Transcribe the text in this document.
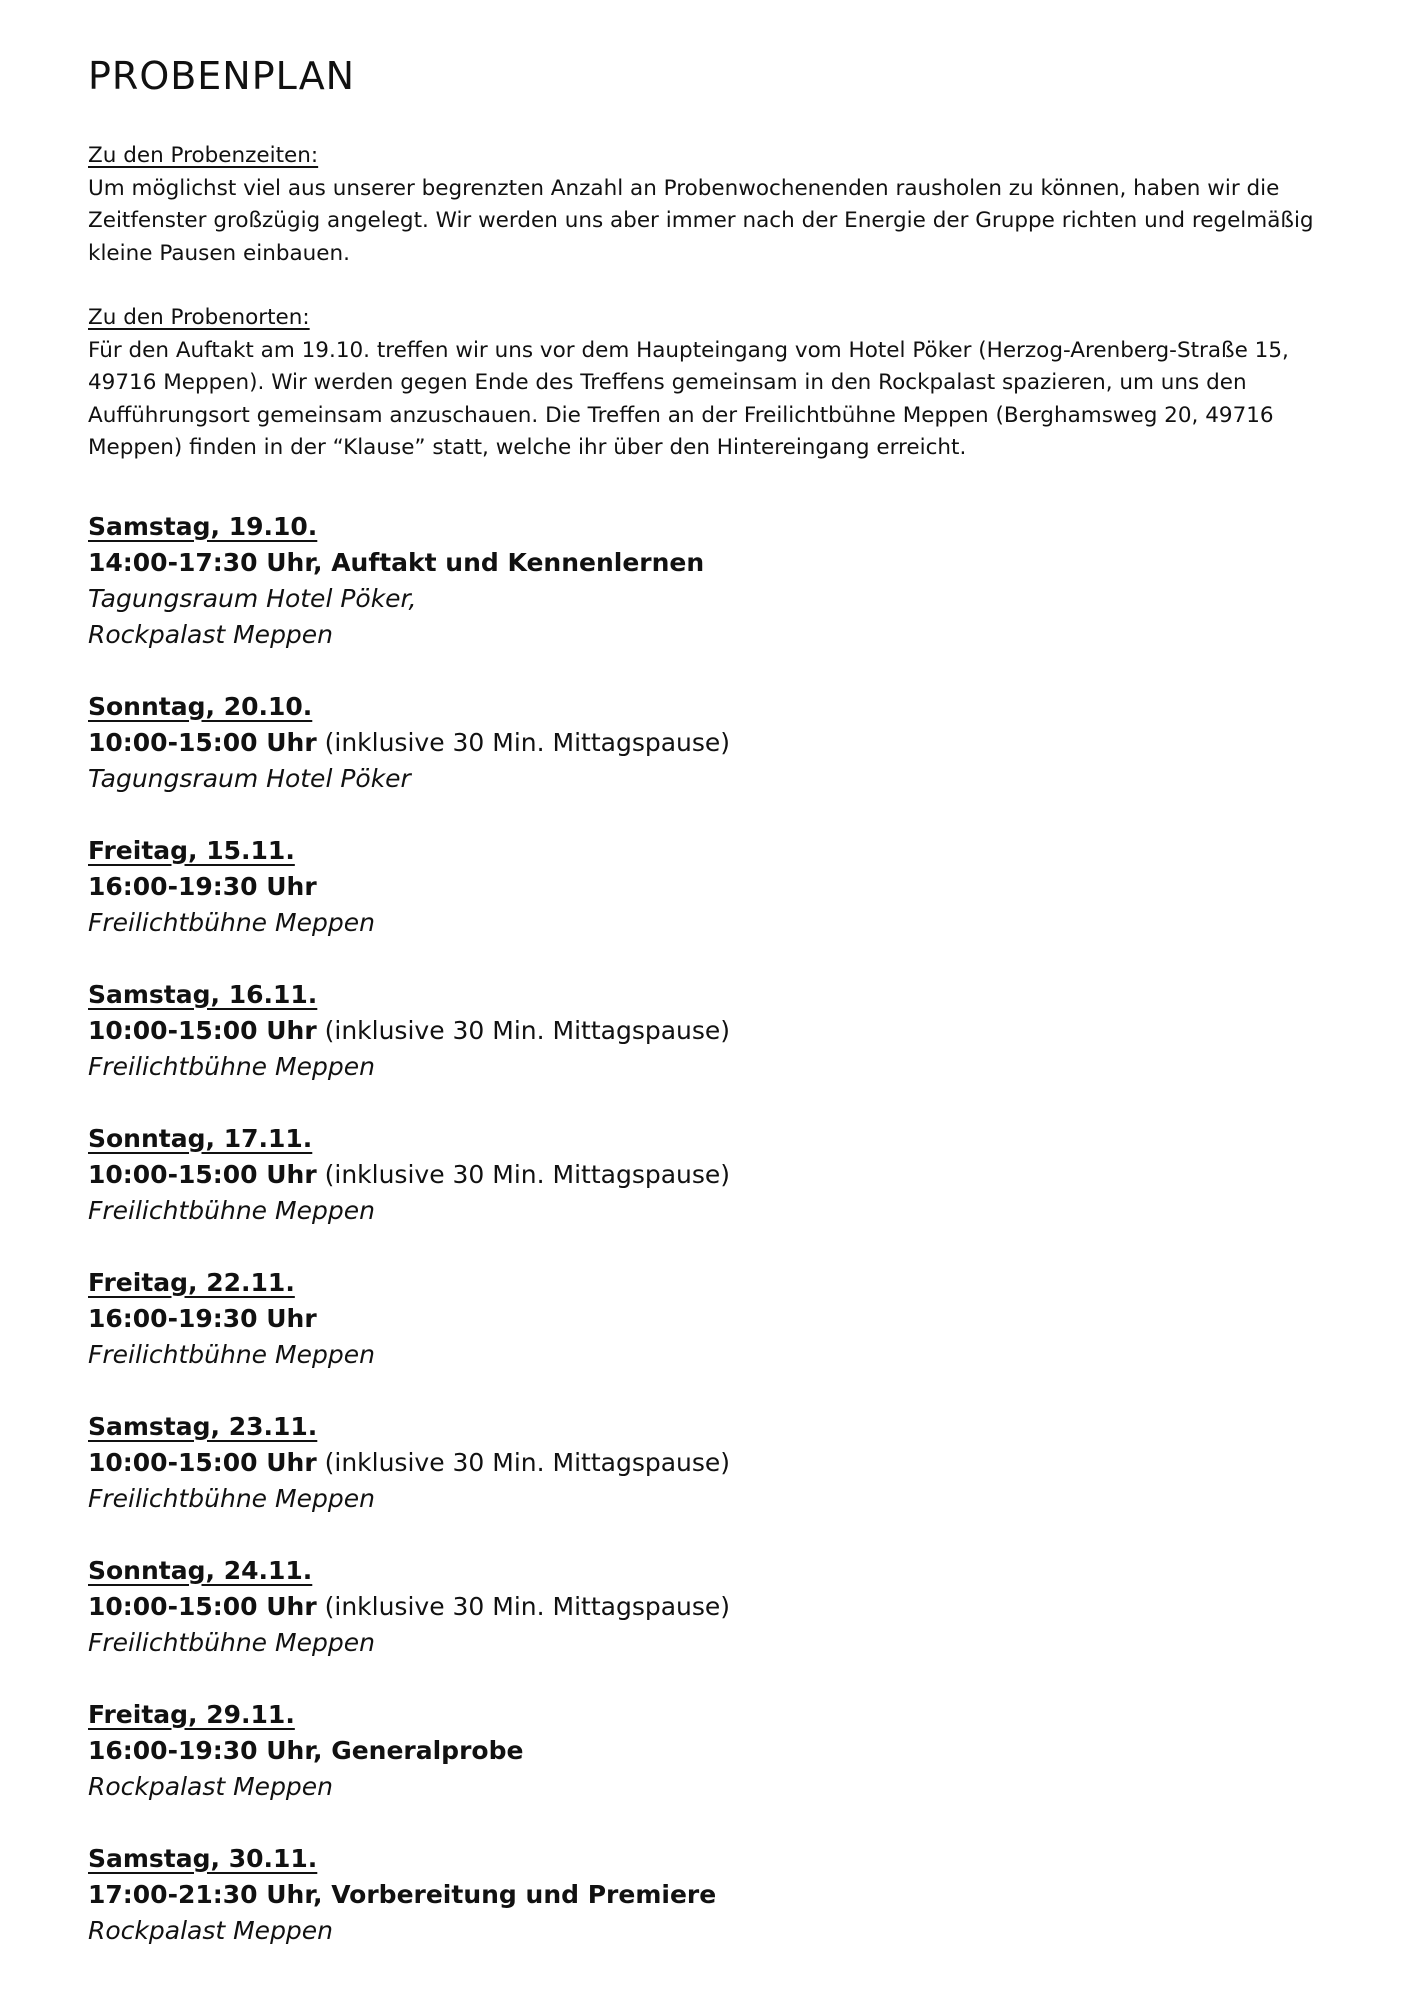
PROBENPLAN
Zu den Probenzeiten:
Um möglichst viel aus unserer begrenzten Anzahl an Probenwochenenden rausholen zu können, haben wir die Zeitfenster großzügig angelegt. Wir werden uns aber immer nach der Energie der Gruppe richten und regelmäßig kleine Pausen einbauen.
Zu den Probenorten:
Für den Auftakt am 19.10. treffen wir uns vor dem Haupteingang vom Hotel Pöker (Herzog-Arenberg-Straße 15, 49716 Meppen). Wir werden gegen Ende des Treffens gemeinsam in den Rockpalast spazieren, um uns den Aufführungsort gemeinsam anzuschauen. Die Treffen an der Freilichtbühne Meppen (Berghamsweg 20, 49716 Meppen) finden in der “Klause” statt, welche ihr über den Hintereingang erreicht.
Samstag, 19.10.
14:00-17:30 Uhr, Auftakt und Kennenlernen
Tagungsraum Hotel Pöker,
Rockpalast Meppen
Sonntag, 20.10.
10:00-15:00 Uhr (inklusive 30 Min. Mittagspause)
Tagungsraum Hotel Pöker
Freitag, 15.11.
16:00-19:30 Uhr
Freilichtbühne Meppen
Samstag, 16.11.
10:00-15:00 Uhr (inklusive 30 Min. Mittagspause)
Freilichtbühne Meppen
Sonntag, 17.11.
10:00-15:00 Uhr (inklusive 30 Min. Mittagspause)
Freilichtbühne Meppen
Freitag, 22.11.
16:00-19:30 Uhr
Freilichtbühne Meppen
Samstag, 23.11.
10:00-15:00 Uhr (inklusive 30 Min. Mittagspause)
Freilichtbühne Meppen
Sonntag, 24.11.
10:00-15:00 Uhr (inklusive 30 Min. Mittagspause)
Freilichtbühne Meppen
Freitag, 29.11.
16:00-19:30 Uhr, Generalprobe
Rockpalast Meppen
Samstag, 30.11.
17:00-21:30 Uhr, Vorbereitung und Premiere
Rockpalast Meppen
